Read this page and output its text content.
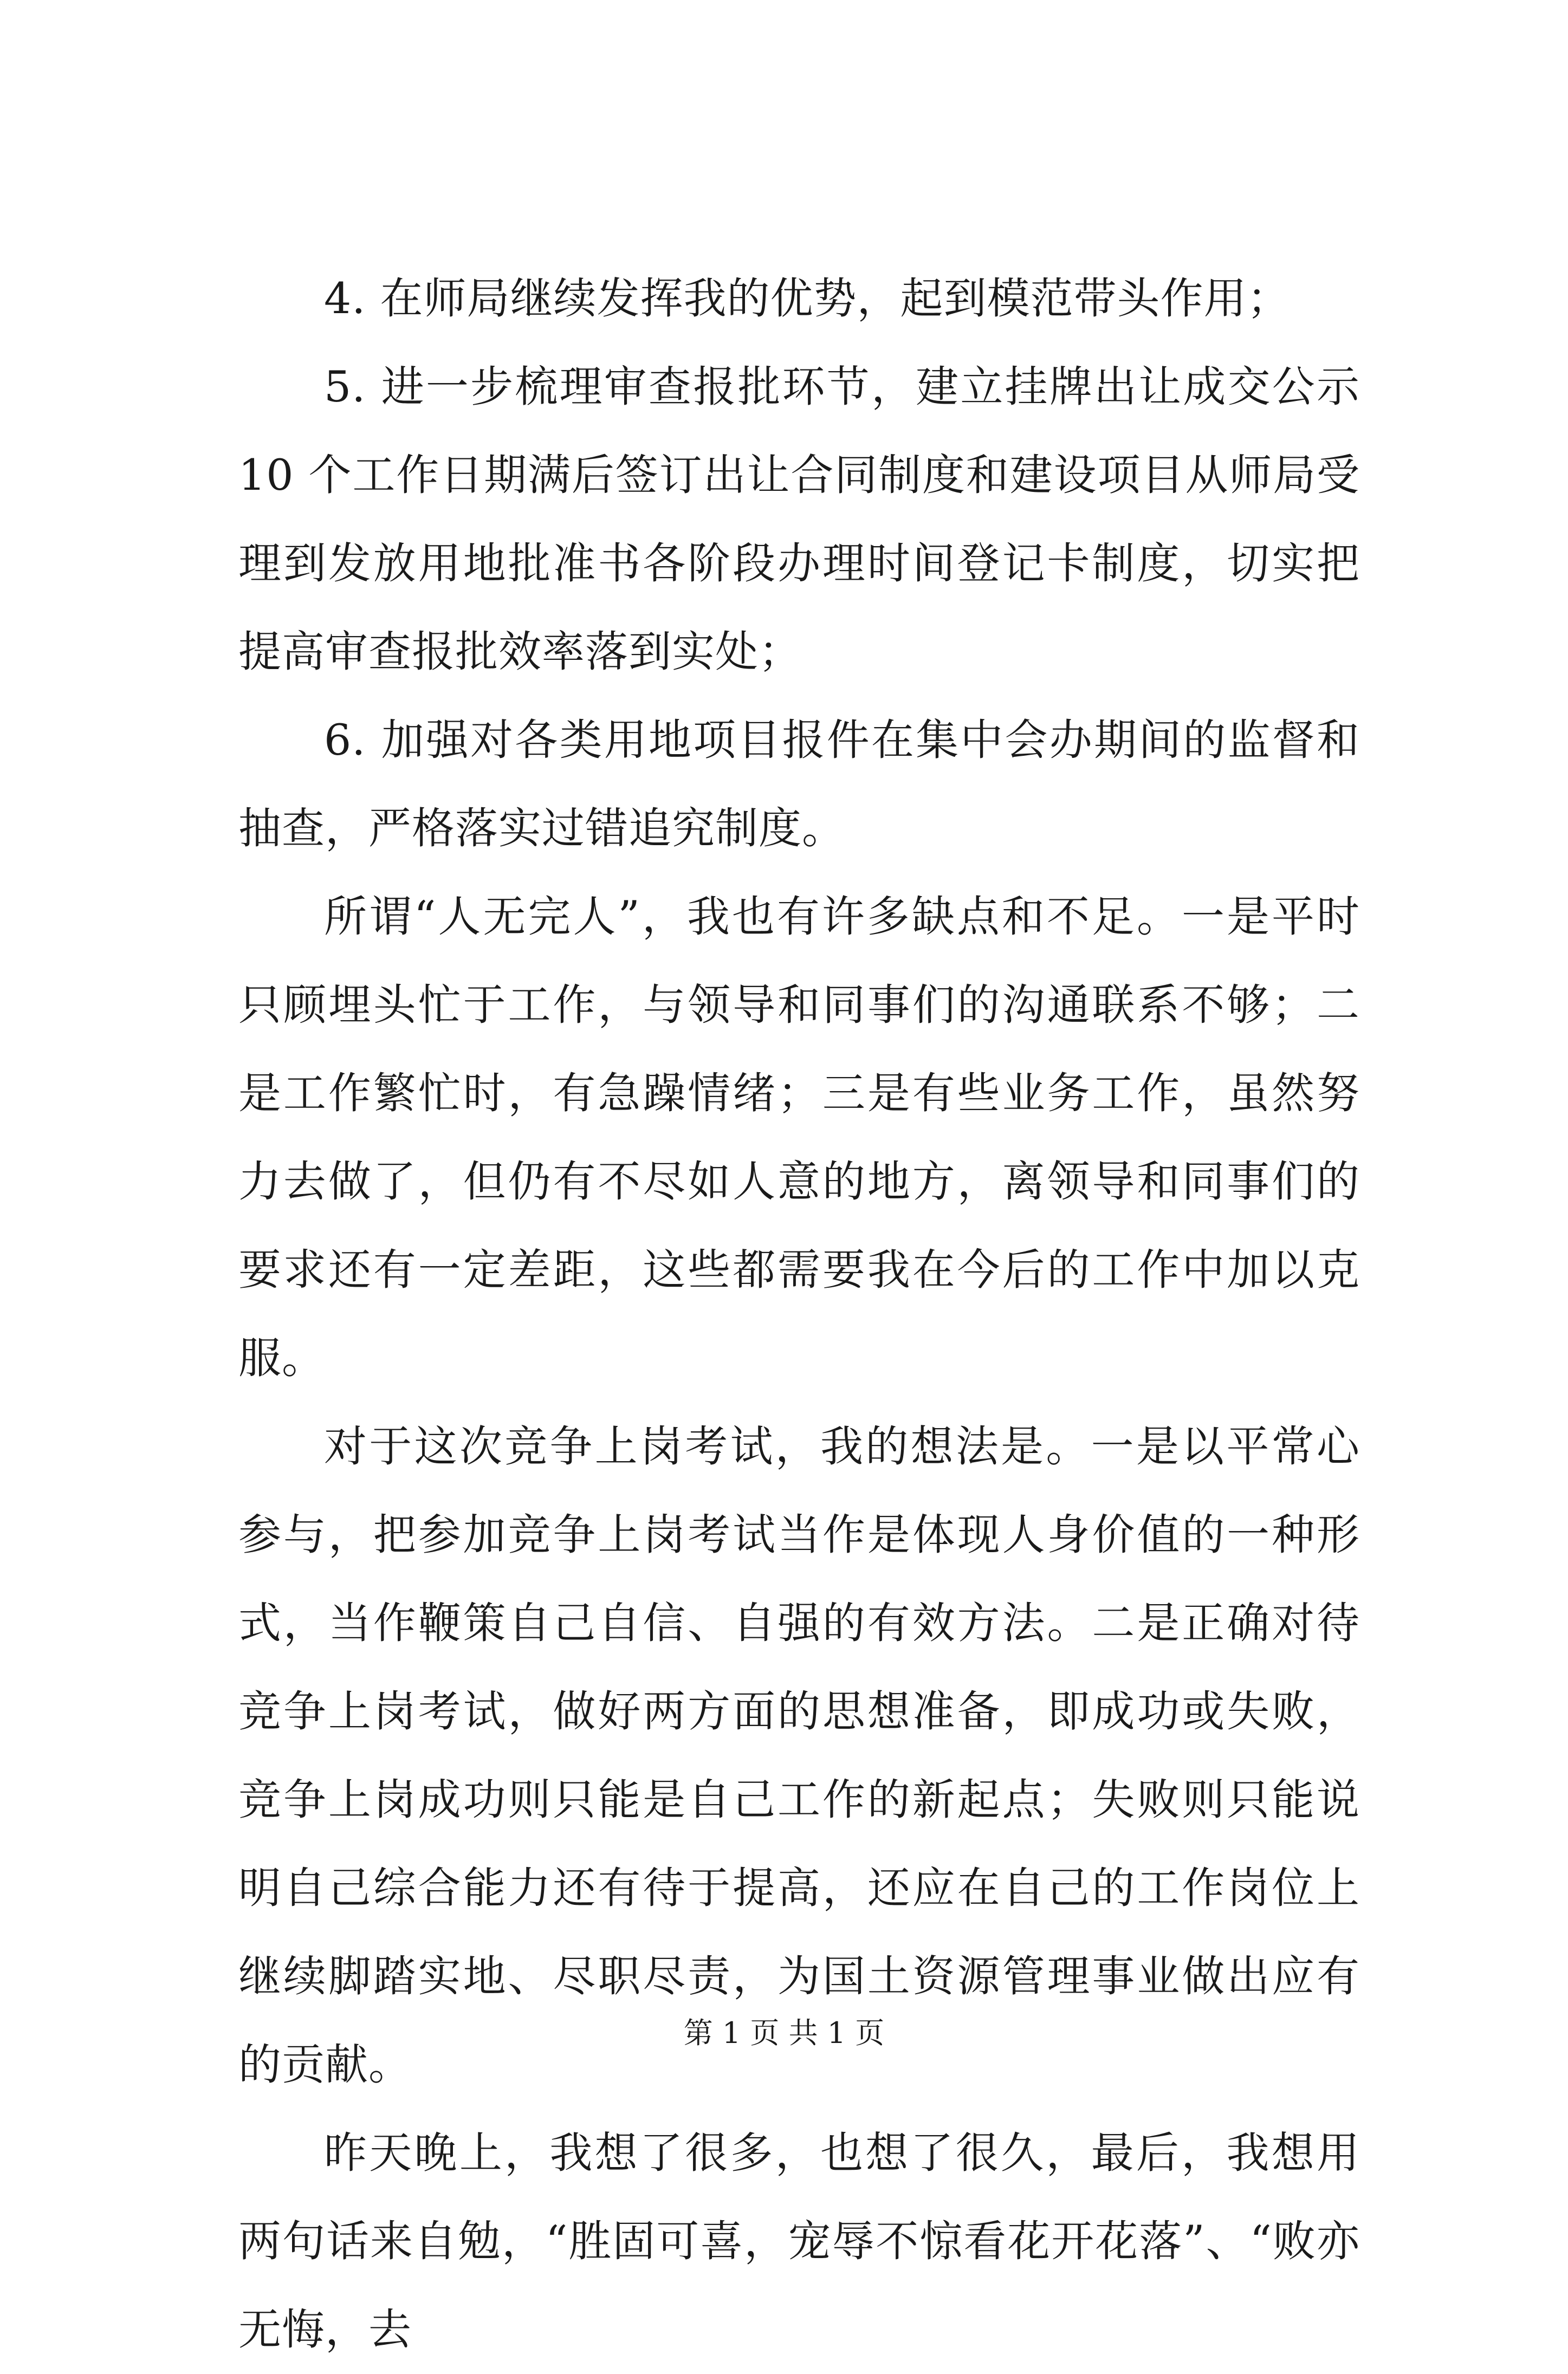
4. 在师局继续发挥我的优势，起到模范带头作用；

5. 进一步梳理审查报批环节，建立挂牌出让成交公示 10 个工作日期满后签订出让合同制度和建设项目从师局受理到发放用地批准书各阶段办理时间登记卡制度，切实把提高审查报批效率落到实处；

6. 加强对各类用地项目报件在集中会办期间的监督和抽查，严格落实过错追究制度。

所谓“人无完人”，我也有许多缺点和不足。一是平时只顾埋头忙于工作，与领导和同事们的沟通联系不够；二是工作繁忙时，有急躁情绪；三是有些业务工作，虽然努力去做了，但仍有不尽如人意的地方，离领导和同事们的要求还有一定差距，这些都需要我在今后的工作中加以克服。

对于这次竞争上岗考试，我的想法是。一是以平常心参与，把参加竞争上岗考试当作是体现人身价值的一种形式，当作鞭策自己自信、自强的有效方法。二是正确对待竞争上岗考试，做好两方面的思想准备，即成功或失败，竞争上岗成功则只能是自己工作的新起点；失败则只能说明自己综合能力还有待于提高，还应在自己的工作岗位上继续脚踏实地、尽职尽责，为国土资源管理事业做出应有的贡献。

昨天晚上，我想了很多，也想了很久，最后，我想用两句话来自勉，“胜固可喜，宠辱不惊看花开花落”、“败亦无悔，去

第 1 页 共 1 页
